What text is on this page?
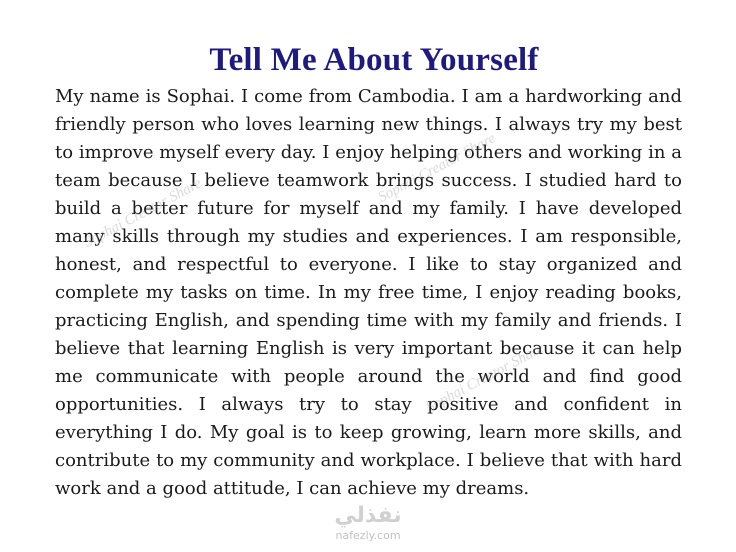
Tell Me About Yourself

My name is Sophai. I come from Cambodia. I am a hardworking and friendly person who loves learning new things. I always try my best to improve myself every day. I enjoy helping others and working in a team because I believe teamwork brings success. I studied hard to build a better future for myself and my family. I have developed many skills through my studies and experiences. I am responsible, honest, and respectful to everyone. I like to stay organized and complete my tasks on time. In my free time, I enjoy reading books, practicing English, and spending time with my family and friends. I believe that learning English is very important because it can help me communicate with people around the world and find good opportunities. I always try to stay positive and confident in everything I do. My goal is to keep growing, learn more skills, and contribute to my community and workplace. I believe that with hard work and a good attitude, I can achieve my dreams.

Sophai Creator Share
Sophai Creator Share
Sophai Creator Share
نفذلي
nafezly.com
